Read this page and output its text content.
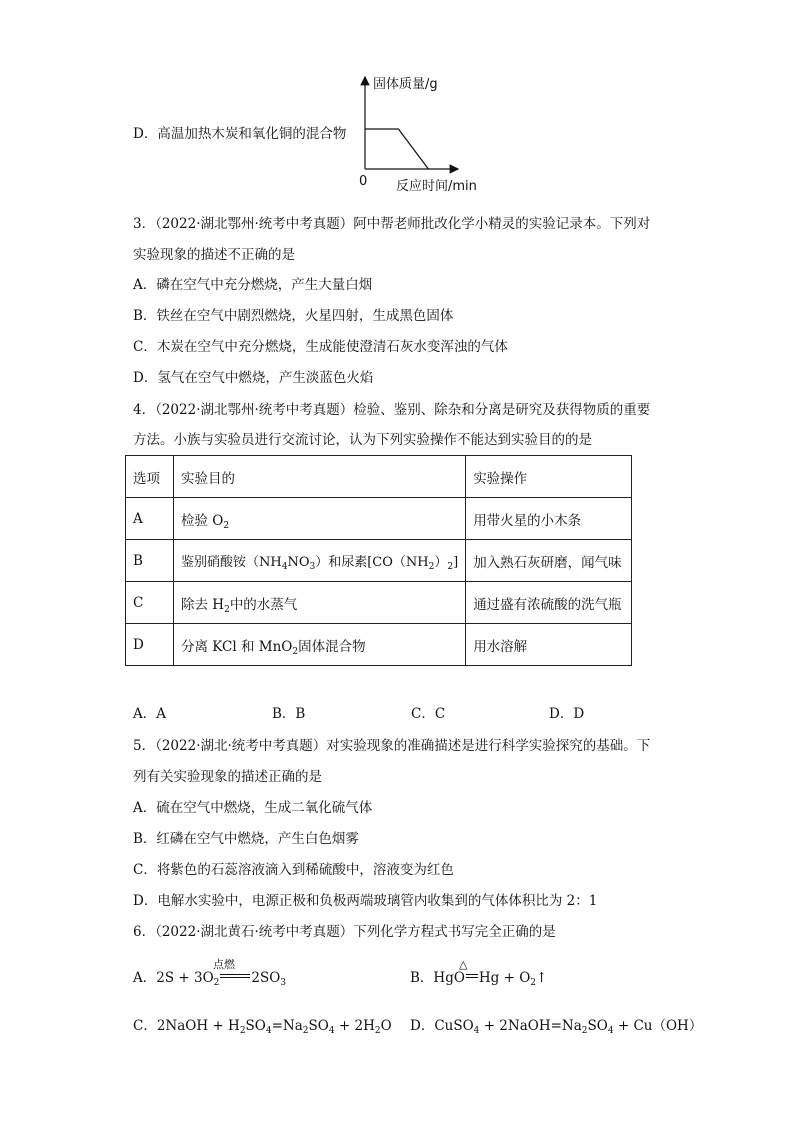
D．高温加热木炭和氧化铜的混合物
固体质量/g
0 反应时间/min
3．（2022·湖北鄂州·统考中考真题）阿中帮老师批改化学小精灵的实验记录本。下列对
实验现象的描述不正确的是
A．磷在空气中充分燃烧，产生大量白烟
B．铁丝在空气中剧烈燃烧，火星四射，生成黑色固体
C．木炭在空气中充分燃烧，生成能使澄清石灰水变浑浊的气体
D．氢气在空气中燃烧，产生淡蓝色火焰
4．（2022·湖北鄂州·统考中考真题）检验、鉴别、除杂和分离是研究及获得物质的重要
方法。小族与实验员进行交流讨论，认为下列实验操作不能达到实验目的的是
选项	实验目的	实验操作
A	检验 $O_2$	用带火星的小木条
B	鉴别硝酸铵$(NH_4NO_3)$和尿素$[CO(NH_2)_2]$	加入熟石灰研磨，闻气味
C	除去 $H_2$中的水蒸气	通过盛有浓硫酸的洗气瓶
D	分离 KCl 和 MnO$_2$固体混合物	用水溶解
A．A	B．B	C．C	D．D
5．（2022·湖北·统考中考真题）对实验现象的准确描述是进行科学实验探究的基础。下
列有关实验现象的描述正确的是
A．硫在空气中燃烧，生成二氧化硫气体
B．红磷在空气中燃烧，产生白色烟雾
C．将紫色的石蕊溶液滴入到稀硫酸中，溶液变为红色
D．电解水实验中，电源正极和负极两端玻璃管内收集到的气体体积比为 2：1
6．（2022·湖北黄石·统考中考真题）下列化学方程式书写完全正确的是
A．$2S + 3O_2$ $2SO_3$
点燃
B．HgO $Hg + O_2↑$
△
C．2NaOH + $H_2SO_4=Na_2SO_4 + 2H_2O$ D．CuSO$_4$ + $2NaOH=Na_2SO_4 + Cu(OH)$
